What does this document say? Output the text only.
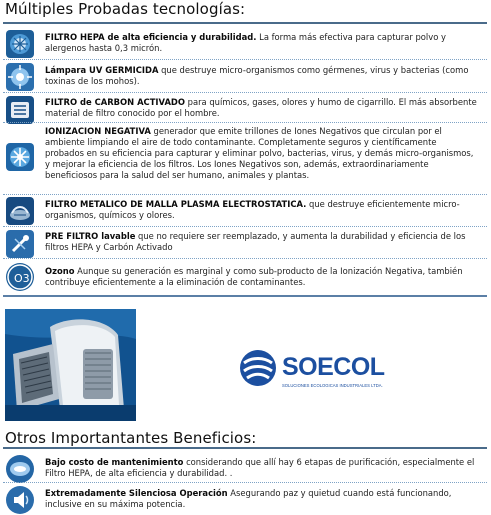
Múltiples Probadas tecnologías:
FILTRO HEPA de alta eficiencia y durabilidad. La forma más efectiva para capturar polvo y alergenos hasta 0,3 micrón.
Lámpara UV GERMICIDA que destruye micro-organismos como gérmenes, virus y bacterias (como toxinas de los mohos).
FILTRO de CARBON ACTIVADO para químicos, gases, olores y humo de cigarrillo. El más absorbente material de filtro conocido por el hombre.
IONIZACION NEGATIVA generador que emite trillones de Iones Negativos que circulan por el ambiente limpiando el aire de todo contaminante. Completamente seguros y científicamente probados en su eficiencia para capturar y eliminar polvo, bacterias, virus, y demás micro-organismos, y mejorar la eficiencia de los filtros. Los Iones Negativos son, además, extraordinariamente beneficiosos para la salud del ser humano, animales y plantas.
FILTRO METALICO DE MALLA PLASMA ELECTROSTATICA. que destruye eficientemente micro-organismos, químicos y olores.
PRE FILTRO lavable que no requiere ser reemplazado, y aumenta la durabilidad y eficiencia de los filtros HEPA y Carbón Activado
O3
Ozono Aunque su generación es marginal y como sub-producto de la Ionización Negativa, también contribuye eficientemente a la eliminación de contaminantes.
SOECOL
SOLUCIONES ECOLOGICAS INDUSTRIALES LTDA.
Otros Importantantes Beneficios:
Bajo costo de mantenimiento considerando que allí hay 6 etapas de purificación, especialmente el Filtro HEPA, de alta eficiencia y durabilidad. .
Extremadamente Silenciosa Operación Asegurando paz y quietud cuando está funcionando, inclusive en su máxima potencia.
